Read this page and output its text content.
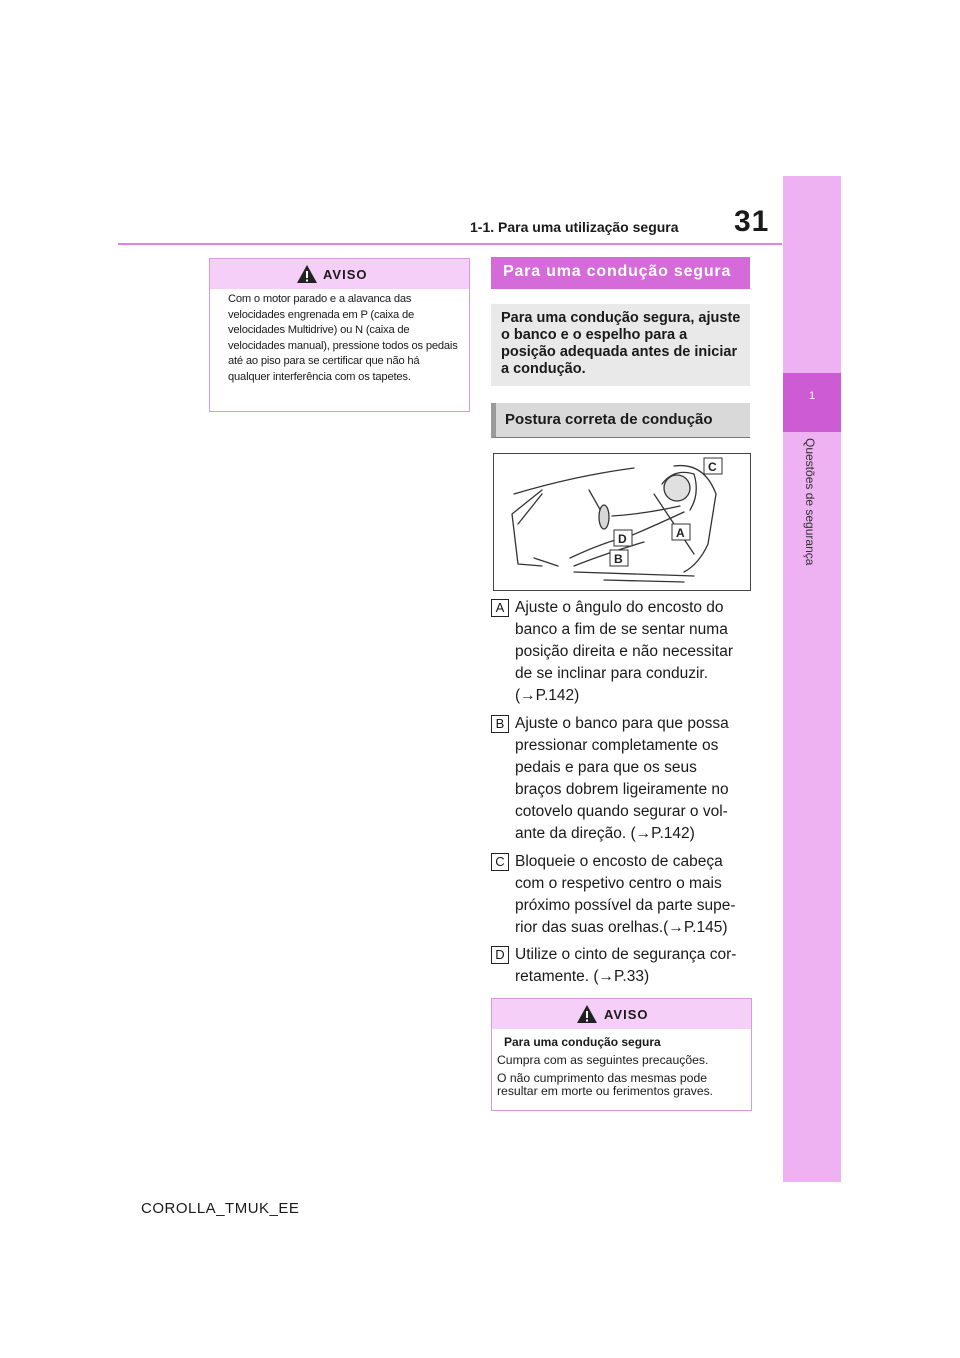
31
1-1. Para uma utilização segura
1
Questões de segurança
AVISO
Com o motor parado e a alavanca das velocidades engrenada em P (caixa de velocidades Multidrive) ou N (caixa de velocidades manual), pressione todos os pedais até ao piso para se certificar que não há qualquer interferência com os tapetes.
Para uma condução segura
Para uma condução segura, ajuste o banco e o espelho para a posição adequada antes de iniciar a condução.
Postura correta de condução
C
A
D
B
A Ajuste o ângulo do encosto do banco a fim de se sentar numa posição direita e não necessitar de se inclinar para conduzir. (→P.142)
B Ajuste o banco para que possa pressionar completamente os pedais e para que os seus braços dobrem ligeiramente no cotovelo quando segurar o vol-ante da direção. (→P.142)
C Bloqueie o encosto de cabeça com o respetivo centro o mais próximo possível da parte supe-rior das suas orelhas.(→P.145)
D Utilize o cinto de segurança cor-retamente. (→P.33)
AVISO
Para uma condução segura
Cumpra com as seguintes precauções.
O não cumprimento das mesmas pode resultar em morte ou ferimentos graves.
COROLLA_TMUK_EE
